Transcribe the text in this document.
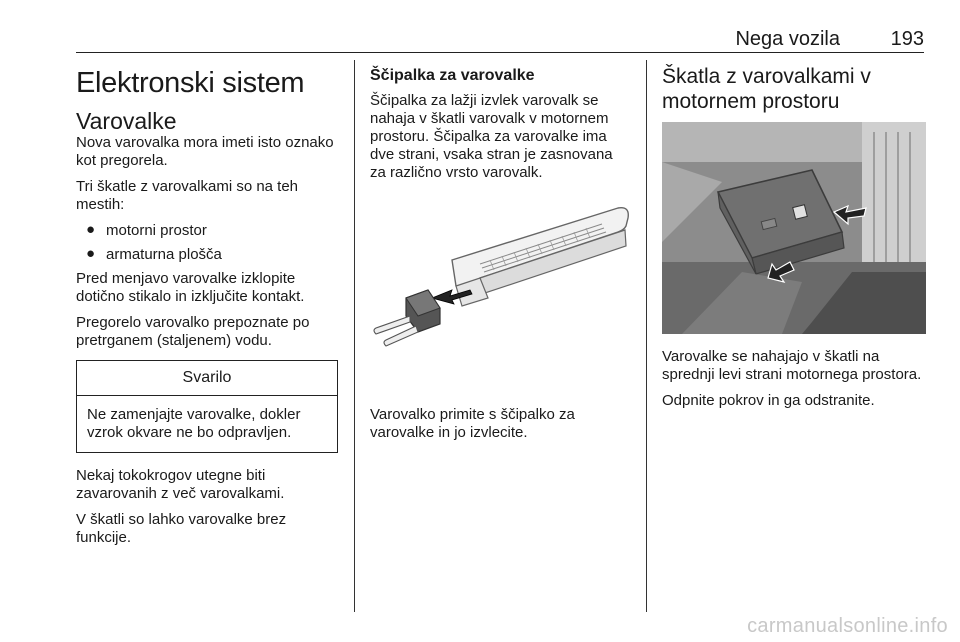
Nega vozila	193
Elektronski sistem
Varovalke

Nova varovalka mora imeti isto oznako kot pregorela.

Tri škatle z varovalkami so na teh mestih:

● motorni prostor
● armaturna plošča

Pred menjavo varovalke izklopite dotično stikalo in izključite kontakt.

Pregorelo varovalko prepoznate po pretrganem (staljenem) vodu.

Svarilo
Ne zamenjajte varovalke, dokler vzrok okvare ne bo odpravljen.

Nekaj tokokrogov utegne biti zavarovanih z več varovalkami.

V škatli so lahko varovalke brez funkcije.

Ščipalka za varovalke

Ščipalka za lažji izvlek varovalk se nahaja v škatli varovalk v motornem prostoru. Ščipalka za varovalke ima dve strani, vsaka stran je zasnovana za različno vrsto varovalk.

Varovalko primite s ščipalko za varovalke in jo izvlecite.

Škatla z varovalkami v motornem prostoru

Varovalke se nahajajo v škatli na sprednji levi strani motornega prostora.

Odpnite pokrov in ga odstranite.

carmanualsonline.info
